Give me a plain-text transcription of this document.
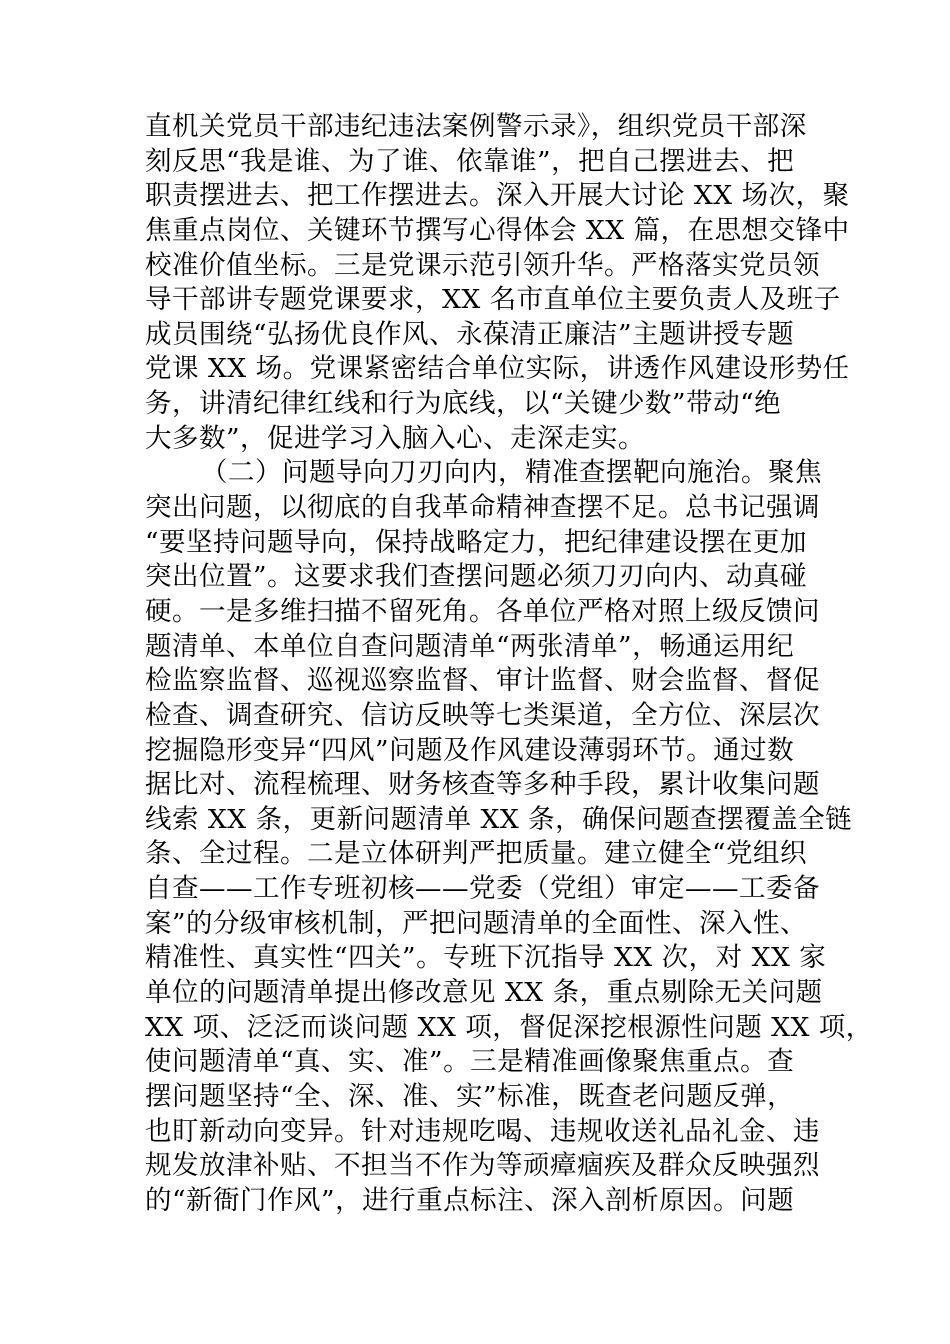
直机关党员干部违纪违法案例警示录》，组织党员干部深
刻反思“我是谁、为了谁、依靠谁”，把自己摆进去、把
职责摆进去、把工作摆进去。深入开展大讨论 XX 场次，聚
焦重点岗位、关键环节撰写心得体会 XX 篇，在思想交锋中
校准价值坐标。三是党课示范引领升华。严格落实党员领
导干部讲专题党课要求，XX 名市直单位主要负责人及班子
成员围绕“弘扬优良作风、永葆清正廉洁”主题讲授专题
党课 XX 场。党课紧密结合单位实际，讲透作风建设形势任
务，讲清纪律红线和行为底线，以“关键少数”带动“绝
大多数”，促进学习入脑入心、走深走实。
（二）问题导向刀刃向内，精准查摆靶向施治。聚焦
突出问题，以彻底的自我革命精神查摆不足。总书记强调
“要坚持问题导向，保持战略定力，把纪律建设摆在更加
突出位置”。这要求我们查摆问题必须刀刃向内、动真碰
硬。一是多维扫描不留死角。各单位严格对照上级反馈问
题清单、本单位自查问题清单“两张清单”，畅通运用纪
检监察监督、巡视巡察监督、审计监督、财会监督、督促
检查、调查研究、信访反映等七类渠道，全方位、深层次
挖掘隐形变异“四风”问题及作风建设薄弱环节。通过数
据比对、流程梳理、财务核查等多种手段，累计收集问题
线索 XX 条，更新问题清单 XX 条，确保问题查摆覆盖全链
条、全过程。二是立体研判严把质量。建立健全“党组织
自查——工作专班初核——党委（党组）审定——工委备
案”的分级审核机制，严把问题清单的全面性、深入性、
精准性、真实性“四关”。专班下沉指导 XX 次，对 XX 家
单位的问题清单提出修改意见 XX 条，重点剔除无关问题
XX 项、泛泛而谈问题 XX 项，督促深挖根源性问题 XX 项，
使问题清单“真、实、准”。三是精准画像聚焦重点。查
摆问题坚持“全、深、准、实”标准，既查老问题反弹，
也盯新动向变异。针对违规吃喝、违规收送礼品礼金、违
规发放津补贴、不担当不作为等顽瘴痼疾及群众反映强烈
的“新衙门作风”，进行重点标注、深入剖析原因。问题
